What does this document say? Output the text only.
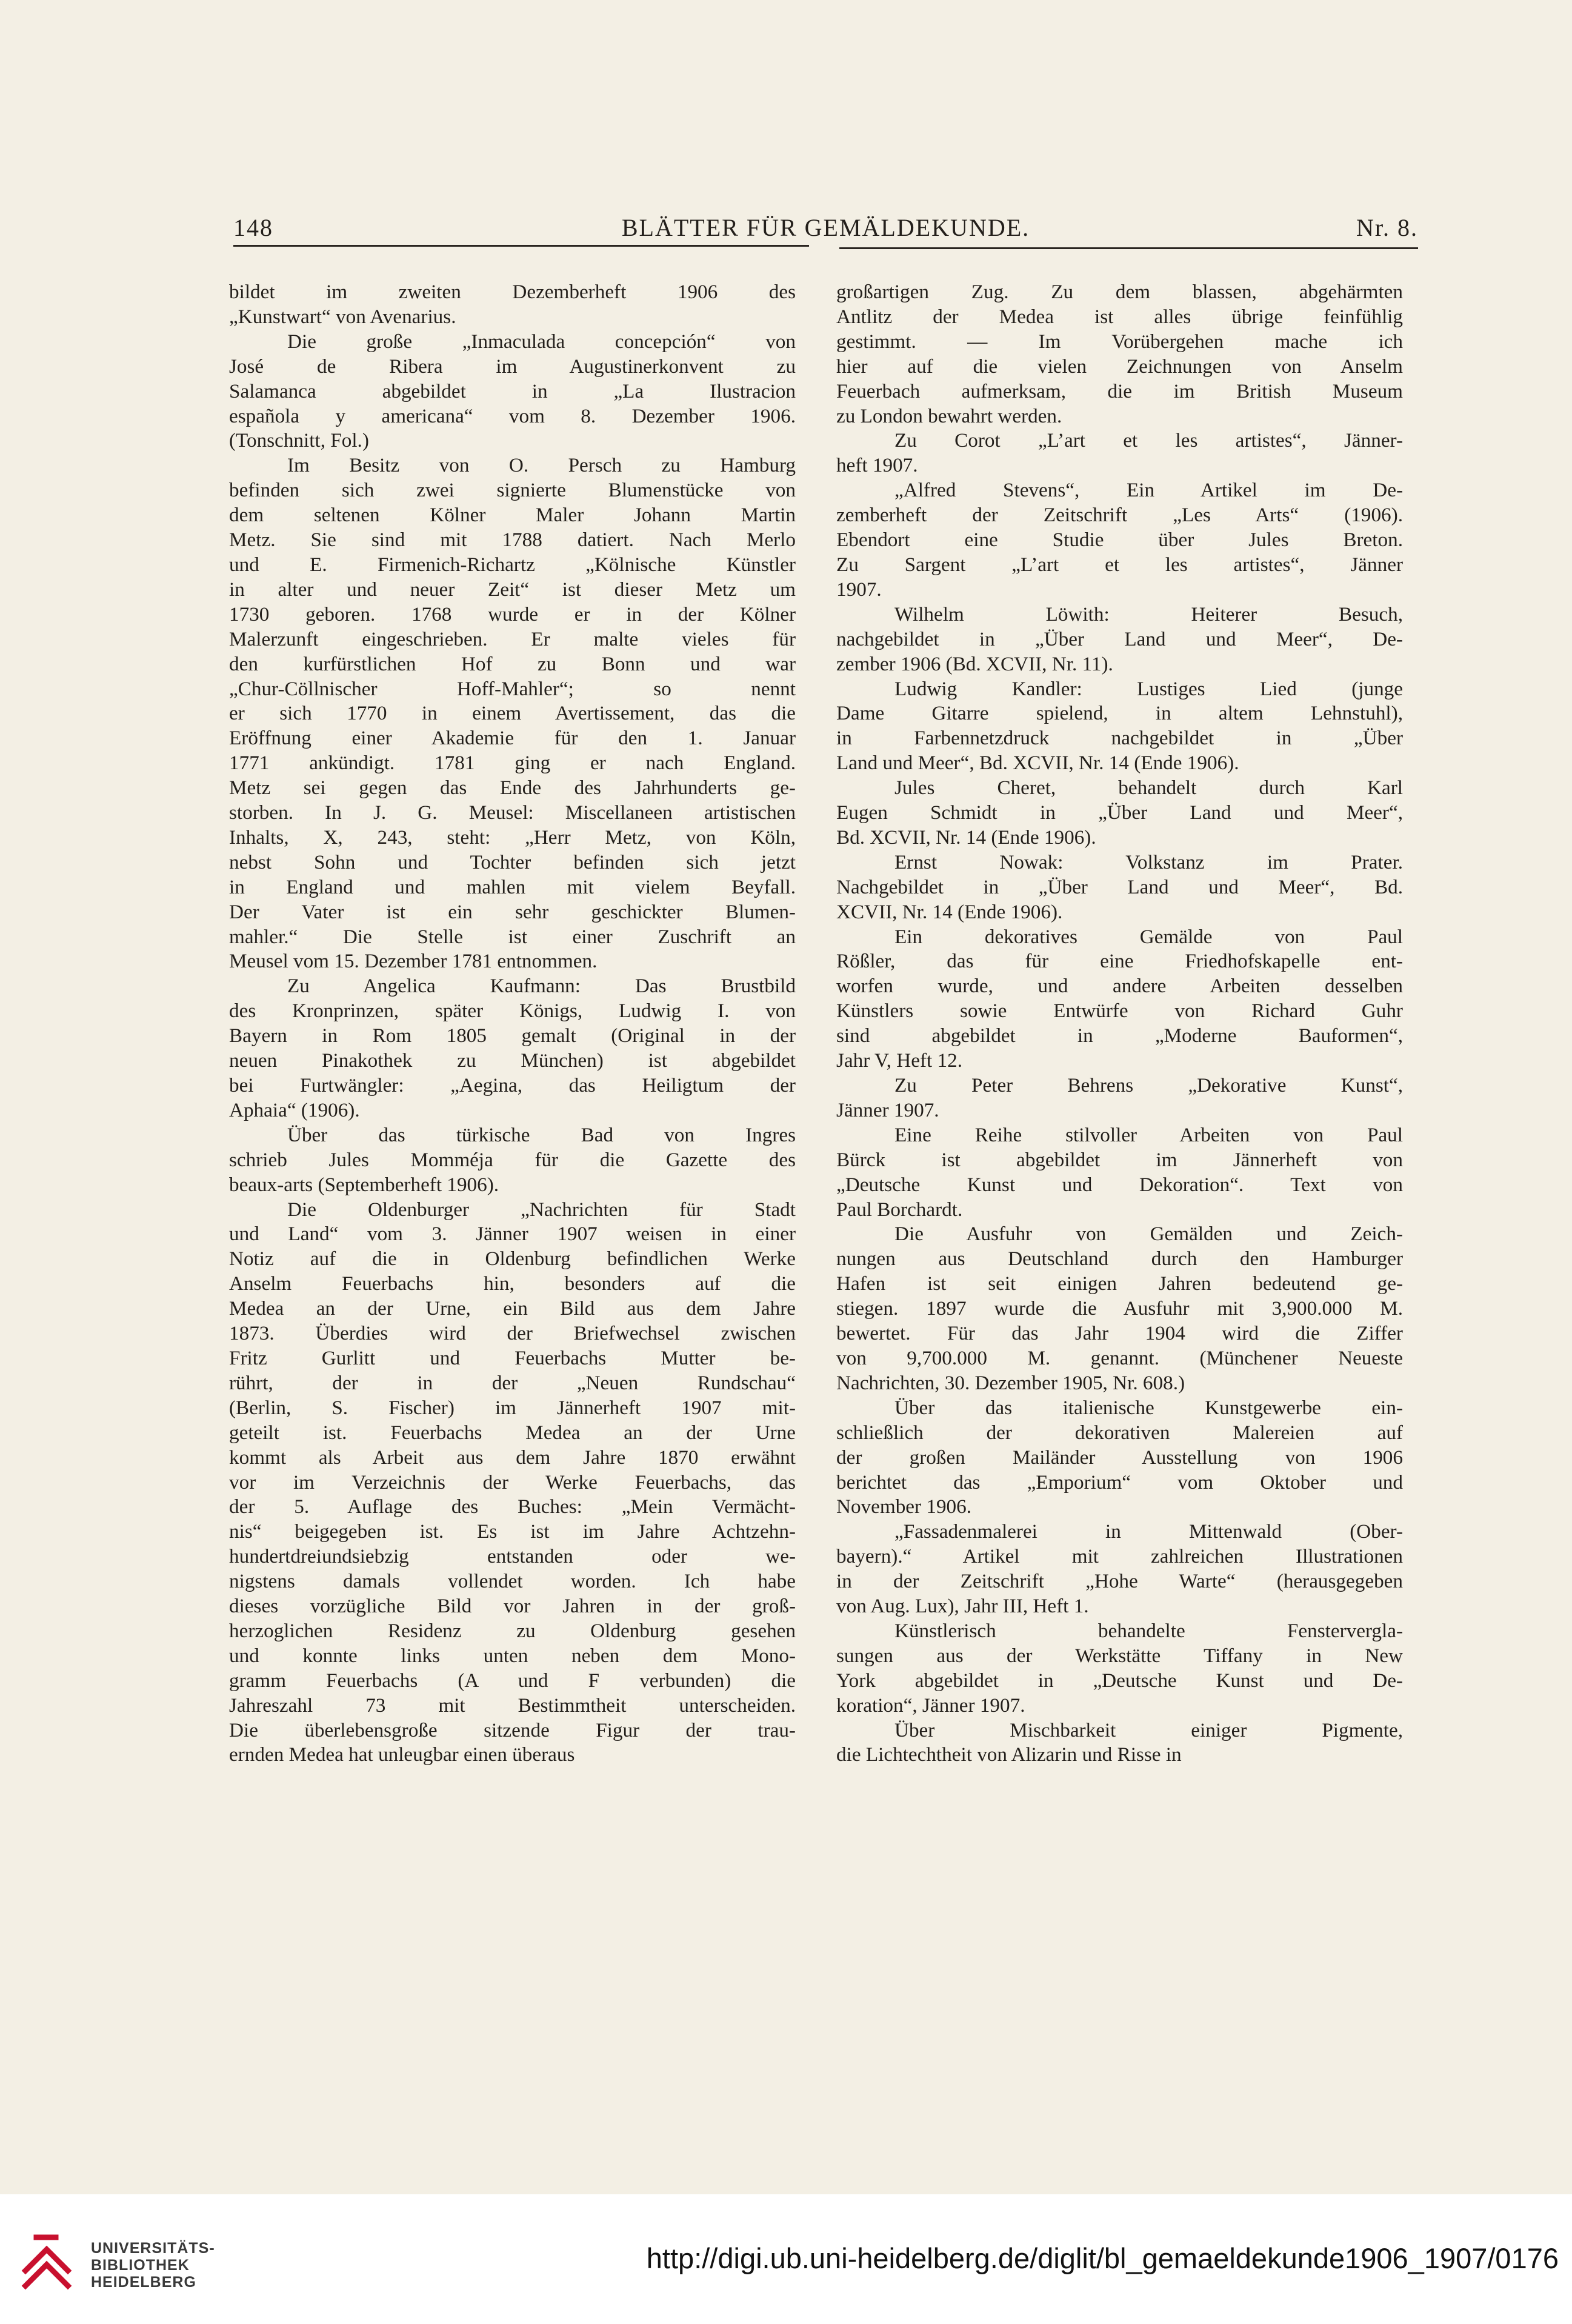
148	BLÄTTER FÜR GEMÄLDEKUNDE.	Nr. 8.

bildet im zweiten Dezemberheft 1906 des

„Kunstwart“ von Avenarius.

Die große „Inmaculada concepción“ von

José de Ribera im Augustinerkonvent zu

Salamanca abgebildet in „La Ilustracion

española y americana“ vom 8. Dezember 1906.

(Tonschnitt, Fol.)

Im Besitz von O. Persch zu Hamburg

befinden sich zwei signierte Blumenstücke von

dem seltenen Kölner Maler Johann Martin

Metz. Sie sind mit 1788 datiert. Nach Merlo

und E. Firmenich-Richartz „Kölnische Künstler

in alter und neuer Zeit“ ist dieser Metz um

1730 geboren. 1768 wurde er in der Kölner

Malerzunft eingeschrieben. Er malte vieles für

den kurfürstlichen Hof zu Bonn und war

„Chur-Cöllnischer Hoff-Mahler“; so nennt

er sich 1770 in einem Avertissement, das die

Eröffnung einer Akademie für den 1. Januar

1771 ankündigt. 1781 ging er nach England.

Metz sei gegen das Ende des Jahrhunderts ge-

storben. In J. G. Meusel: Miscellaneen artistischen

Inhalts, X, 243, steht: „Herr Metz, von Köln,

nebst Sohn und Tochter befinden sich jetzt

in England und mahlen mit vielem Beyfall.

Der Vater ist ein sehr geschickter Blumen-

mahler.“ Die Stelle ist einer Zuschrift an

Meusel vom 15. Dezember 1781 entnommen.

Zu Angelica Kaufmann: Das Brustbild

des Kronprinzen, später Königs, Ludwig I. von

Bayern in Rom 1805 gemalt (Original in der

neuen Pinakothek zu München) ist abgebildet

bei Furtwängler: „Aegina, das Heiligtum der

Aphaia“ (1906).

Über das türkische Bad von Ingres

schrieb Jules Momméja für die Gazette des

beaux-arts (Septemberheft 1906).

Die Oldenburger „Nachrichten für Stadt

und Land“ vom 3. Jänner 1907 weisen in einer

Notiz auf die in Oldenburg befindlichen Werke

Anselm Feuerbachs hin, besonders auf die

Medea an der Urne, ein Bild aus dem Jahre

1873. Überdies wird der Briefwechsel zwischen

Fritz Gurlitt und Feuerbachs Mutter be-

rührt, der in der „Neuen Rundschau“

(Berlin, S. Fischer) im Jännerheft 1907 mit-

geteilt ist. Feuerbachs Medea an der Urne

kommt als Arbeit aus dem Jahre 1870 erwähnt

vor im Verzeichnis der Werke Feuerbachs, das

der 5. Auflage des Buches: „Mein Vermächt-

nis“ beigegeben ist. Es ist im Jahre Achtzehn-

hundertdreiundsiebzig entstanden oder we-

nigstens damals vollendet worden. Ich habe

dieses vorzügliche Bild vor Jahren in der groß-

herzoglichen Residenz zu Oldenburg gesehen

und konnte links unten neben dem Mono-

gramm Feuerbachs (A und F verbunden) die

Jahreszahl 73 mit Bestimmtheit unterscheiden.

Die überlebensgroße sitzende Figur der trau-

ernden Medea hat unleugbar einen überaus

großartigen Zug. Zu dem blassen, abgehärmten

Antlitz der Medea ist alles übrige feinfühlig

gestimmt. — Im Vorübergehen mache ich

hier auf die vielen Zeichnungen von Anselm

Feuerbach aufmerksam, die im British Museum

zu London bewahrt werden.

Zu Corot „L’art et les artistes“, Jänner-

heft 1907.

„Alfred Stevens“, Ein Artikel im De-

zemberheft der Zeitschrift „Les Arts“ (1906).

Ebendort eine Studie über Jules Breton.

Zu Sargent „L’art et les artistes“, Jänner

1907.

Wilhelm Löwith: Heiterer Besuch,

nachgebildet in „Über Land und Meer“, De-

zember 1906 (Bd. XCVII, Nr. 11).

Ludwig Kandler: Lustiges Lied (junge

Dame Gitarre spielend, in altem Lehnstuhl),

in Farbennetzdruck nachgebildet in „Über

Land und Meer“, Bd. XCVII, Nr. 14 (Ende 1906).

Jules Cheret, behandelt durch Karl

Eugen Schmidt in „Über Land und Meer“,

Bd. XCVII, Nr. 14 (Ende 1906).

Ernst Nowak: Volkstanz im Prater.

Nachgebildet in „Über Land und Meer“, Bd.

XCVII, Nr. 14 (Ende 1906).

Ein dekoratives Gemälde von Paul

Rößler, das für eine Friedhofskapelle ent-

worfen wurde, und andere Arbeiten desselben

Künstlers sowie Entwürfe von Richard Guhr

sind abgebildet in „Moderne Bauformen“,

Jahr V, Heft 12.

Zu Peter Behrens „Dekorative Kunst“,

Jänner 1907.

Eine Reihe stilvoller Arbeiten von Paul

Bürck ist abgebildet im Jännerheft von

„Deutsche Kunst und Dekoration“. Text von

Paul Borchardt.

Die Ausfuhr von Gemälden und Zeich-

nungen aus Deutschland durch den Hamburger

Hafen ist seit einigen Jahren bedeutend ge-

stiegen. 1897 wurde die Ausfuhr mit 3,900.000 M.

bewertet. Für das Jahr 1904 wird die Ziffer

von 9,700.000 M. genannt. (Münchener Neueste

Nachrichten, 30. Dezember 1905, Nr. 608.)

Über das italienische Kunstgewerbe ein-

schließlich der dekorativen Malereien auf

der großen Mailänder Ausstellung von 1906

berichtet das „Emporium“ vom Oktober und

November 1906.

„Fassadenmalerei in Mittenwald (Ober-

bayern).“ Artikel mit zahlreichen Illustrationen

in der Zeitschrift „Hohe Warte“ (herausgegeben

von Aug. Lux), Jahr III, Heft 1.

Künstlerisch behandelte Fenstervergla-

sungen aus der Werkstätte Tiffany in New

York abgebildet in „Deutsche Kunst und De-

koration“, Jänner 1907.

Über Mischbarkeit einiger Pigmente,

die Lichtechtheit von Alizarin und Risse in

UNIVERSITÄTS-
BIBLIOTHEK
HEIDELBERG
http://digi.ub.uni-heidelberg.de/diglit/bl_gemaeldekunde1906_1907/0176
